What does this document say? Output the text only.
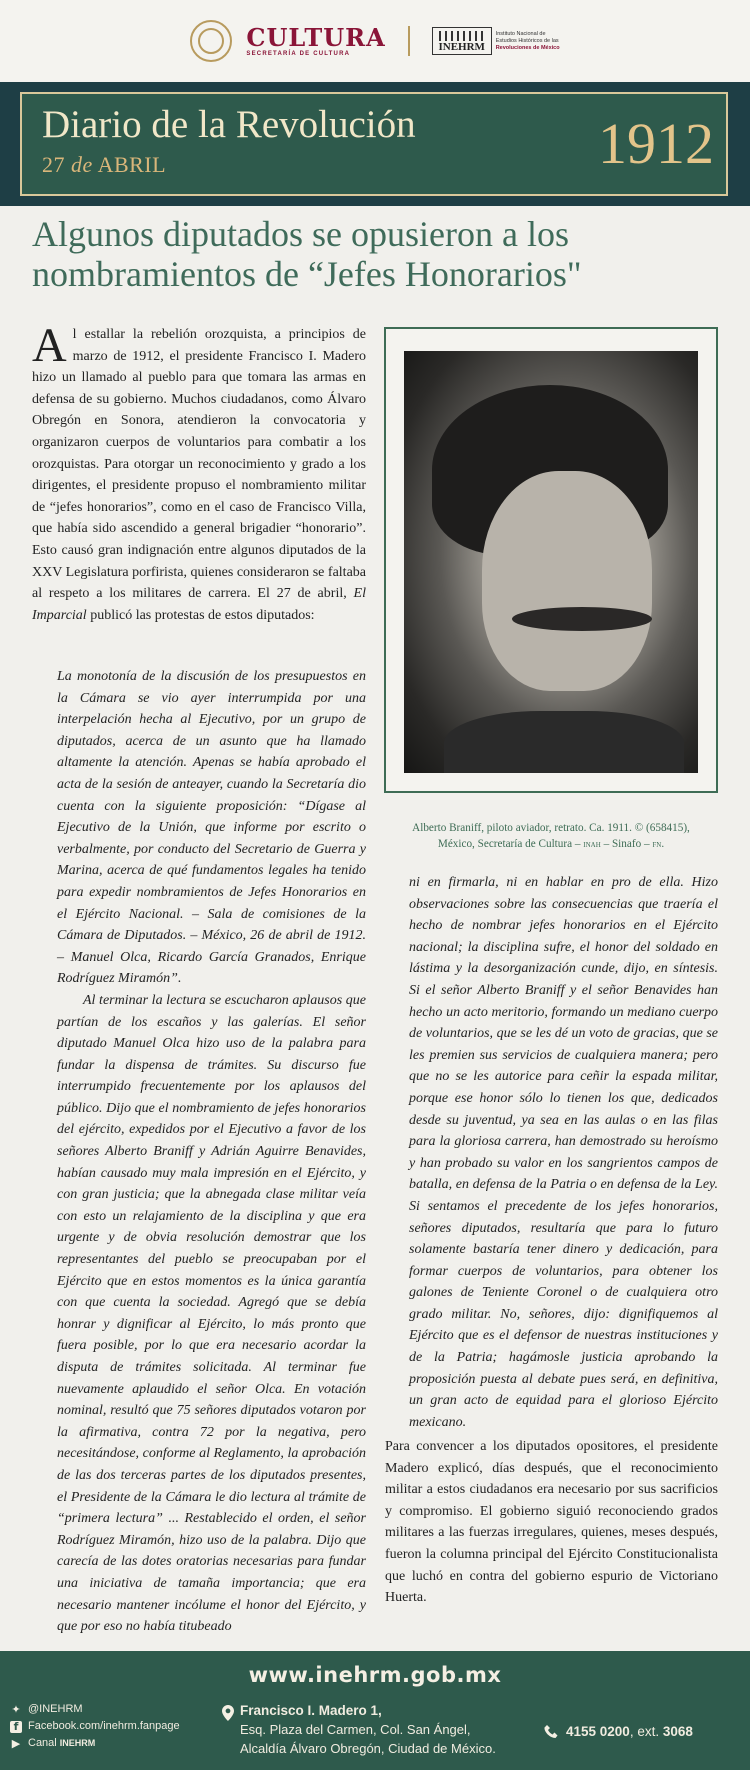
CULTURA
SECRETARÍA DE CULTURA
INEHRM
Instituto Nacional de
Estudios Históricos de las
Revoluciones de México
Diario de la Revolución
27 de ABRIL	1912
Algunos diputados se opusieron a los nombramientos de “Jefes Honorarios"
Al estallar la rebelión orozquista, a principios de marzo de 1912, el presidente Francisco I. Madero hizo un llamado al pueblo para que tomara las armas en defensa de su gobierno. Muchos ciudadanos, como Álvaro Obregón en Sonora, atendieron la convocatoria y organizaron cuerpos de voluntarios para combatir a los orozquistas. Para otorgar un reconocimiento y grado a los dirigentes, el presidente propuso el nombramiento militar de “jefes honorarios”, como en el caso de Francisco Villa, que había sido ascendido a general brigadier “honorario”. Esto causó gran indignación entre algunos diputados de la XXV Legislatura porfirista, quienes consideraron se faltaba al respeto a los militares de carrera. El 27 de abril, El Imparcial publicó las protestas de estos diputados:

La monotonía de la discusión de los presupuestos en la Cámara se vio ayer interrumpida por una interpelación hecha al Ejecutivo, por un grupo de diputados, acerca de un asunto que ha llamado altamente la atención. Apenas se había aprobado el acta de la sesión de anteayer, cuando la Secretaría dio cuenta con la siguiente proposición: “Dígase al Ejecutivo de la Unión, que informe por escrito o verbalmente, por conducto del Secretario de Guerra y Marina, acerca de qué fundamentos legales ha tenido para expedir nombramientos de Jefes Honorarios en el Ejército Nacional. – Sala de comisiones de la Cámara de Diputados. – México, 26 de abril de 1912. – Manuel Olca, Ricardo García Granados, Enrique Rodríguez Miramón”.

Al terminar la lectura se escucharon aplausos que partían de los escaños y las galerías. El señor diputado Manuel Olca hizo uso de la palabra para fundar la dispensa de trámites. Su discurso fue interrumpido frecuentemente por los aplausos del público. Dijo que el nombramiento de jefes honorarios del ejército, expedidos por el Ejecutivo a favor de los señores Alberto Braniff y Adrián Aguirre Benavides, habían causado muy mala impresión en el Ejército, y con gran justicia; que la abnegada clase militar veía con esto un relajamiento de la disciplina y que era urgente y de obvia resolución demostrar que los representantes del pueblo se preocupaban por el Ejército que en estos momentos es la única garantía con que cuenta la sociedad. Agregó que se debía honrar y dignificar al Ejército, lo más pronto que fuera posible, por lo que era necesario acordar la disputa de trámites solicitada. Al terminar fue nuevamente aplaudido el señor Olca. En votación nominal, resultó que 75 señores diputados votaron por la afirmativa, contra 72 por la negativa, pero necesitándose, conforme al Reglamento, la aprobación de las dos terceras partes de los diputados presentes, el Presidente de la Cámara le dio lectura al trámite de “primera lectura” ... Restablecido el orden, el señor Rodríguez Miramón, hizo uso de la palabra. Dijo que carecía de las dotes oratorias necesarias para fundar una iniciativa de tamaña importancia; que era necesario mantener incólume el honor del Ejército, y que por eso no había titubeado

Alberto Braniff, piloto aviador, retrato. Ca. 1911. © (658415),
México, Secretaría de Cultura – inah – Sinafo – fn.

ni en firmarla, ni en hablar en pro de ella. Hizo observaciones sobre las consecuencias que traería el hecho de nombrar jefes honorarios en el Ejército nacional; la disciplina sufre, el honor del soldado en lástima y la desorganización cunde, dijo, en síntesis. Si el señor Alberto Braniff y el señor Benavides han hecho un acto meritorio, formando un mediano cuerpo de voluntarios, que se les dé un voto de gracias, que se les premien sus servicios de cualquiera manera; pero que no se les autorice para ceñir la espada militar, porque ese honor sólo lo tienen los que, dedicados desde su juventud, ya sea en las aulas o en las filas para la gloriosa carrera, han demostrado su heroísmo y han probado su valor en los sangrientos campos de batalla, en defensa de la Patria o en defensa de la Ley. Si sentamos el precedente de los jefes honorarios, señores diputados, resultaría que para lo futuro solamente bastaría tener dinero y dedicación, para formar cuerpos de voluntarios, para obtener los galones de Teniente Coronel o de cualquiera otro grado militar. No, señores, dijo: dignifiquemos al Ejército que es el defensor de nuestras instituciones y de la Patria; hagámosle justicia aprobando la proposición puesta al debate pues será, en definitiva, un gran acto de equidad para el glorioso Ejército mexicano.

Para convencer a los diputados opositores, el presidente Madero explicó, días después, que el reconocimiento militar a estos ciudadanos era necesario por sus sacrificios y compromiso. El gobierno siguió reconociendo grados militares a las fuerzas irregulares, quienes, meses después, fueron la columna principal del Ejército Constitucionalista que luchó en contra del gobierno espurio de Victoriano Huerta.
www.inehrm.gob.mx
✦ @INEHRM
f Facebook.com/inehrm.fanpage
▶ Canal INEHRM
Francisco I. Madero 1,
Esq. Plaza del Carmen, Col. San Ángel,
Alcaldía Álvaro Obregón, Ciudad de México.
4155 0200, ext. 3068
